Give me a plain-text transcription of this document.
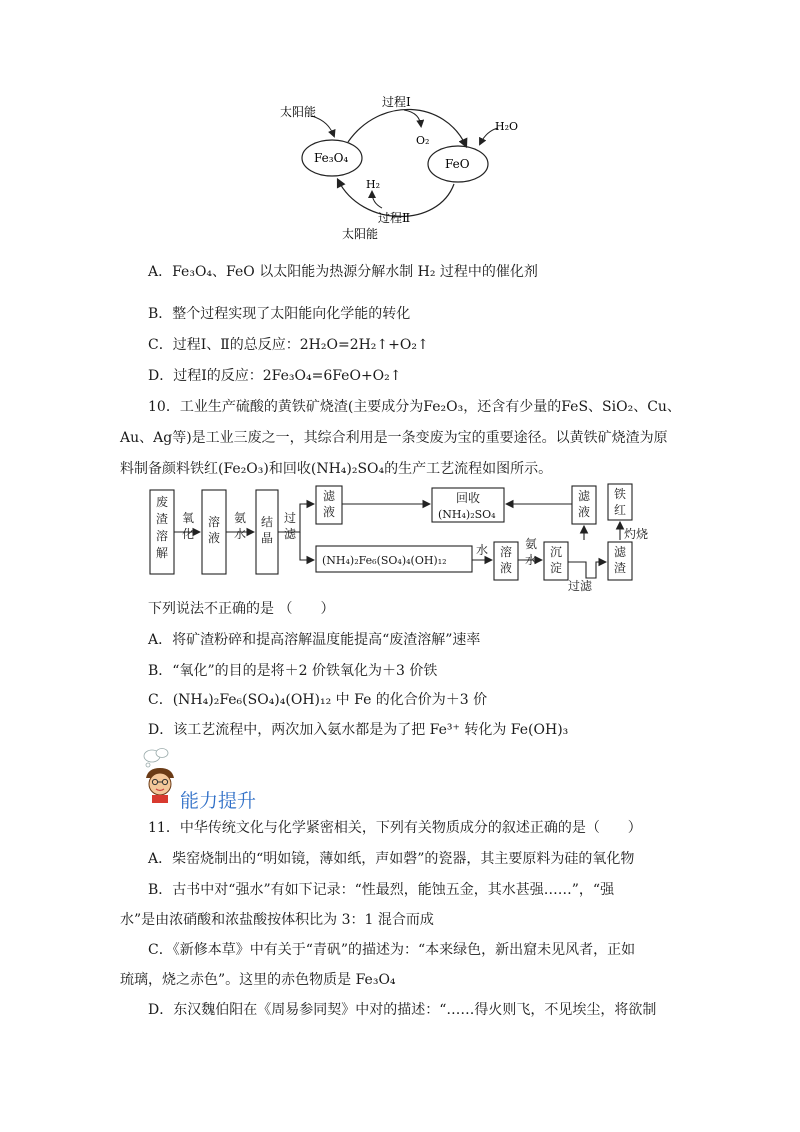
Fe₃O₄	FeO
太阳能
过程Ⅰ
O₂
H₂O
H₂
过程Ⅱ
太阳能
A．Fe₃O₄、FeO 以太阳能为热源分解水制 H₂ 过程中的催化剂
B．整个过程实现了太阳能向化学能的转化
C．过程Ⅰ、Ⅱ的总反应：2H₂O=2H₂↑+O₂↑
D．过程Ⅰ的反应：2Fe₃O₄=6FeO+O₂↑
10．工业生产硫酸的黄铁矿烧渣(主要成分为Fe₂O₃，还含有少量的FeS、SiO₂、Cu、
Au、Ag等)是工业三废之一，其综合利用是一条变废为宝的重要途径。以黄铁矿烧渣为原
料制备颜料铁红(Fe₂O₃)和回收(NH₄)₂SO₄的生产工艺流程如图所示。
废渣溶解
氧化
溶液
氨水
结晶
过滤
滤液
滤液
铁红
溶液
氨水
沉淀
滤渣
回收
(NH₄)₂SO₄
(NH₄)₂Fe₆(SO₄)₄(OH)₁₂
水
过滤
灼烧
下列说法不正确的是 （　　）
A．将矿渣粉碎和提高溶解温度能提高“废渣溶解”速率
B．“氧化”的目的是将＋2 价铁氧化为＋3 价铁
C．(NH₄)₂Fe₆(SO₄)₄(OH)₁₂ 中 Fe 的化合价为＋3 价
D．该工艺流程中，两次加入氨水都是为了把 Fe³⁺ 转化为 Fe(OH)₃
能力提升
11．中华传统文化与化学紧密相关，下列有关物质成分的叙述正确的是（　　）
A．柴窑烧制出的“明如镜，薄如纸，声如磬”的瓷器，其主要原料为硅的氧化物
B．古书中对“强水”有如下记录：“性最烈，能蚀五金，其水甚强……”，“强
水”是由浓硝酸和浓盐酸按体积比为 3：1 混合而成
C．《新修本草》中有关于“青矾”的描述为：“本来绿色，新出窟未见风者，正如
琉璃，烧之赤色”。这里的赤色物质是 Fe₃O₄
D．东汉魏伯阳在《周易参同契》中对的描述：“……得火则飞，不见埃尘，将欲制
